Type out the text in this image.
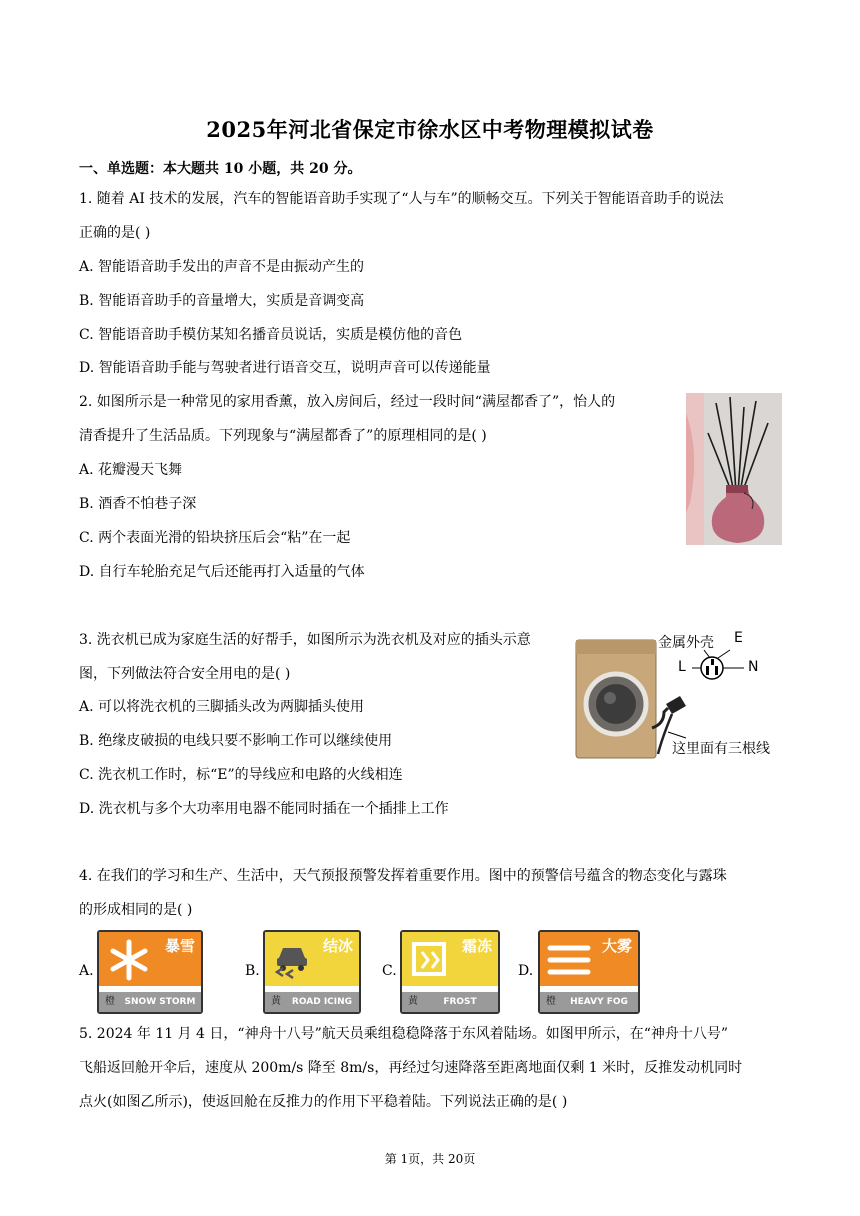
2025年河北省保定市徐水区中考物理模拟试卷
一、单选题：本大题共 10 小题，共 20 分。
1. 随着 AI 技术的发展，汽车的智能语音助手实现了“人与车”的顺畅交互。下列关于智能语音助手的说法
正确的是( )
A. 智能语音助手发出的声音不是由振动产生的
B. 智能语音助手的音量增大，实质是音调变高
C. 智能语音助手模仿某知名播音员说话，实质是模仿他的音色
D. 智能语音助手能与驾驶者进行语音交互，说明声音可以传递能量
2. 如图所示是一种常见的家用香薰，放入房间后，经过一段时间“满屋都香了”，怡人的
清香提升了生活品质。下列现象与“满屋都香了”的原理相同的是( )
A. 花瓣漫天飞舞
B. 酒香不怕巷子深
C. 两个表面光滑的铅块挤压后会“粘”在一起
D. 自行车轮胎充足气后还能再打入适量的气体
3. 洗衣机已成为家庭生活的好帮手，如图所示为洗衣机及对应的插头示意
图，下列做法符合安全用电的是( )
A. 可以将洗衣机的三脚插头改为两脚插头使用
B. 绝缘皮破损的电线只要不影响工作可以继续使用
C. 洗衣机工作时，标“E”的导线应和电路的火线相连
D. 洗衣机与多个大功率用电器不能同时插在一个插排上工作
金属外壳 E
L	N
这里面有三根线
4. 在我们的学习和生产、生活中，天气预报预警发挥着重要作用。图中的预警信号蕴含的物态变化与露珠
的形成相同的是( )
A.
暴雪
橙	SNOW STORM
B.
结冰
黄	ROAD ICING
C.
霜冻
黄	FROST
D.
大雾
橙	HEAVY FOG
5. 2024 年 11 月 4 日，“神舟十八号”航天员乘组稳稳降落于东风着陆场。如图甲所示，在“神舟十八号”
飞船返回舱开伞后，速度从 200m/s 降至 8m/s，再经过匀速降落至距离地面仅剩 1 米时，反推发动机同时
点火(如图乙所示)，使返回舱在反推力的作用下平稳着陆。下列说法正确的是( )
第 1页，共 20页
